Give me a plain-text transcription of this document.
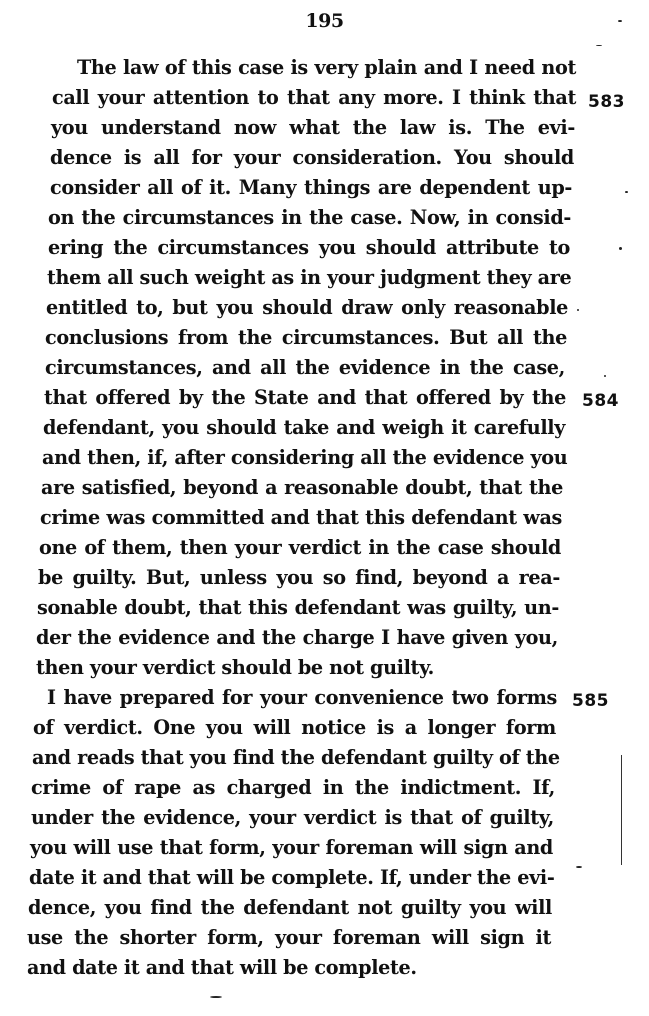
195
The law of this case is very plain and I need not
call your attention to that any more. I think that
you understand now what the law is. The evi-
dence is all for your consideration. You should
consider all of it. Many things are dependent up-
on the circumstances in the case. Now, in consid-
ering the circumstances you should attribute to
them all such weight as in your judgment they are
entitled to, but you should draw only reasonable
conclusions from the circumstances. But all the
circumstances, and all the evidence in the case,
that offered by the State and that offered by the
defendant, you should take and weigh it carefully
and then, if, after considering all the evidence you
are satisfied, beyond a reasonable doubt, that the
crime was committed and that this defendant was
one of them, then your verdict in the case should
be guilty. But, unless you so find, beyond a rea-
sonable doubt, that this defendant was guilty, un-
der the evidence and the charge I have given you,
then your verdict should be not guilty.
I have prepared for your convenience two forms
of verdict. One you will notice is a longer form
and reads that you find the defendant guilty of the
crime of rape as charged in the indictment. If,
under the evidence, your verdict is that of guilty,
you will use that form, your foreman will sign and
date it and that will be complete. If, under the evi-
dence, you find the defendant not guilty you will
use the shorter form, your foreman will sign it
and date it and that will be complete.
583
584
585
